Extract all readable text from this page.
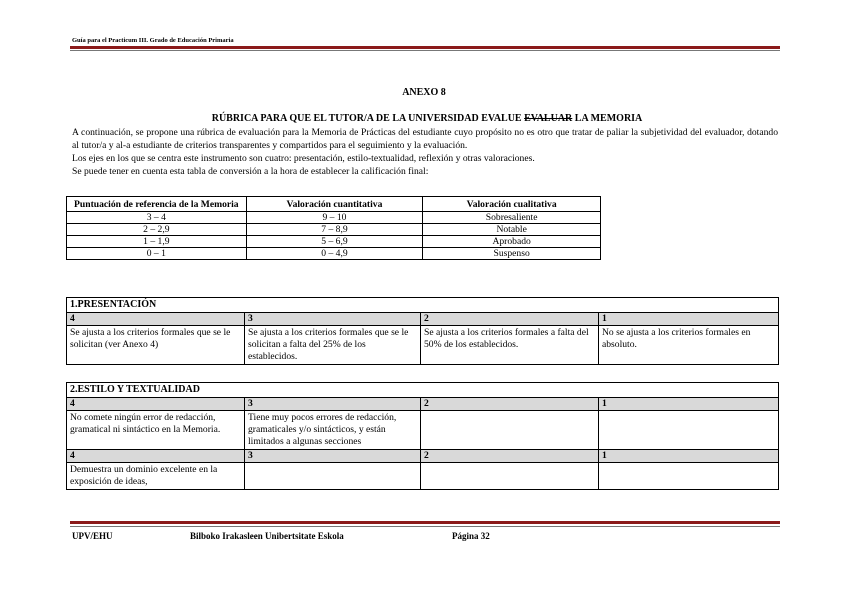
Guía para el Practicum III. Grado de Educación Primaria
ANEXO 8
RÚBRICA PARA QUE EL TUTOR/A DE LA UNIVERSIDAD EVALUE EVALUAR LA MEMORIA

A continuación, se propone una rúbrica de evaluación para la Memoria de Prácticas del estudiante cuyo propósito no es otro que tratar de paliar la subjetividad del evaluador, dotando al tutor/a y al-a estudiante de criterios transparentes y compartidos para el seguimiento y la evaluación.

Los ejes en los que se centra este instrumento son cuatro: presentación, estilo-textualidad, reflexión y otras valoraciones.

Se puede tener en cuenta esta tabla de conversión a la hora de establecer la calificación final:

Puntuación de referencia de la Memoria	Valoración cuantitativa	Valoración cualitativa
3 – 4	9 – 10	Sobresaliente
2 – 2,9	7 – 8,9	Notable
1 – 1,9	5 – 6,9	Aprobado
0 – 1	0 – 4,9	Suspenso
1.PRESENTACIÓN			
4	3	2	1
Se ajusta a los criterios formales que se le solicitan (ver Anexo 4)	Se ajusta a los criterios formales que se le solicitan a falta del 25% de los establecidos.	Se ajusta a los criterios formales a falta del 50% de los establecidos.	No se ajusta a los criterios formales en absoluto.
2.ESTILO Y TEXTUALIDAD			
4	3	2	1
No comete ningún error de redacción, gramatical ni sintáctico en la Memoria.	Tiene muy pocos errores de redacción, gramaticales y/o sintácticos, y están limitados a algunas secciones		
4	3	2	1
Demuestra un dominio excelente en la exposición de ideas,			
UPV/EHU	Bilboko Irakasleen Unibertsitate Eskola	Página 32
